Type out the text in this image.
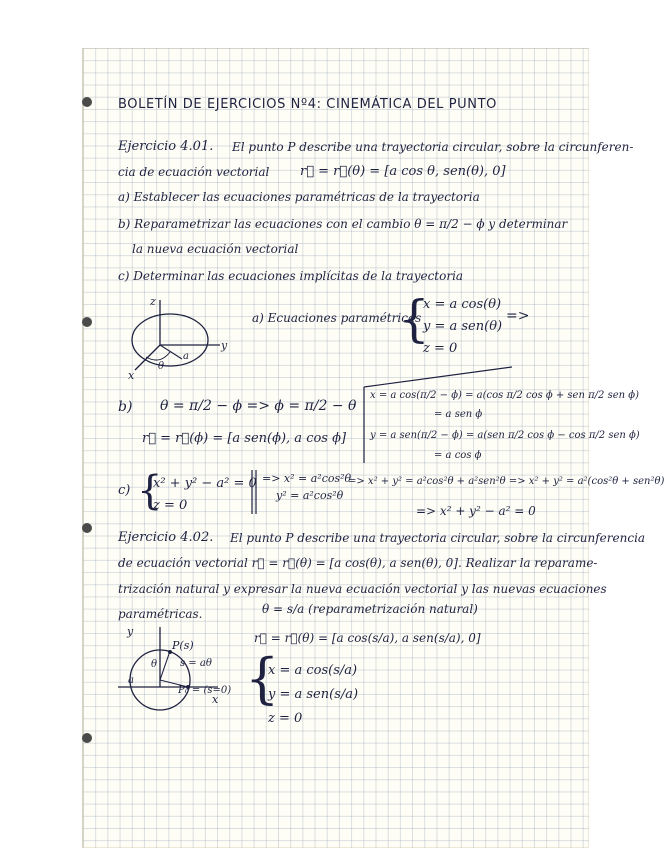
BOLETÍN DE EJERCICIOS Nº4: CINEMÁTICA DEL PUNTO
Ejercicio 4.01. El punto P describe una trayectoria circular, sobre la circunferen-
cia de ecuación vectorial r⃗ = r⃗(θ) = [a cos θ, sen(θ), 0]
a) Establecer las ecuaciones paramétricas de la trayectoria
b) Reparametrizar las ecuaciones con el cambio θ = π/2 − ϕ y determinar
la nueva ecuación vectorial
c) Determinar las ecuaciones implícitas de la trayectoria
z
y
x
a
θ
a) Ecuaciones paramétricas
{
x = a cos(θ)
y = a sen(θ)
z = 0
=>
b) θ = π/2 − ϕ => ϕ = π/2 − θ
r⃗ = r⃗(ϕ) = [a sen(ϕ), a cos ϕ]
x = a cos(π/2 − ϕ) = a(cos π/2 cos ϕ + sen π/2 sen ϕ)
= a sen ϕ
y = a sen(π/2 − ϕ) = a(sen π/2 cos ϕ − cos π/2 sen ϕ)
= a cos ϕ
c) {
x² + y² − a² = 0
z = 0
=> x² = a²cos²θ
y² = a²cos²θ
=> x² + y² = a²cos²θ + a²sen²θ => x² + y² = a²(cos²θ + sen²θ)
=> x² + y² − a² = 0
Ejercicio 4.02. El punto P describe una trayectoria circular, sobre la circunferencia
de ecuación vectorial r⃗ = r⃗(θ) = [a cos(θ), a sen(θ), 0]. Realizar la reparame-
trización natural y expresar la nueva ecuación vectorial y las nuevas ecuaciones
paramétricas.	θ = s/a (reparametrización natural)
r⃗ = r⃗(θ) = [a cos(s/a), a sen(s/a), 0]
y
x
a
θ
P(s)
s = aθ
P₀ = (s=0) {
x = a cos(s/a)
y = a sen(s/a)
z = 0
